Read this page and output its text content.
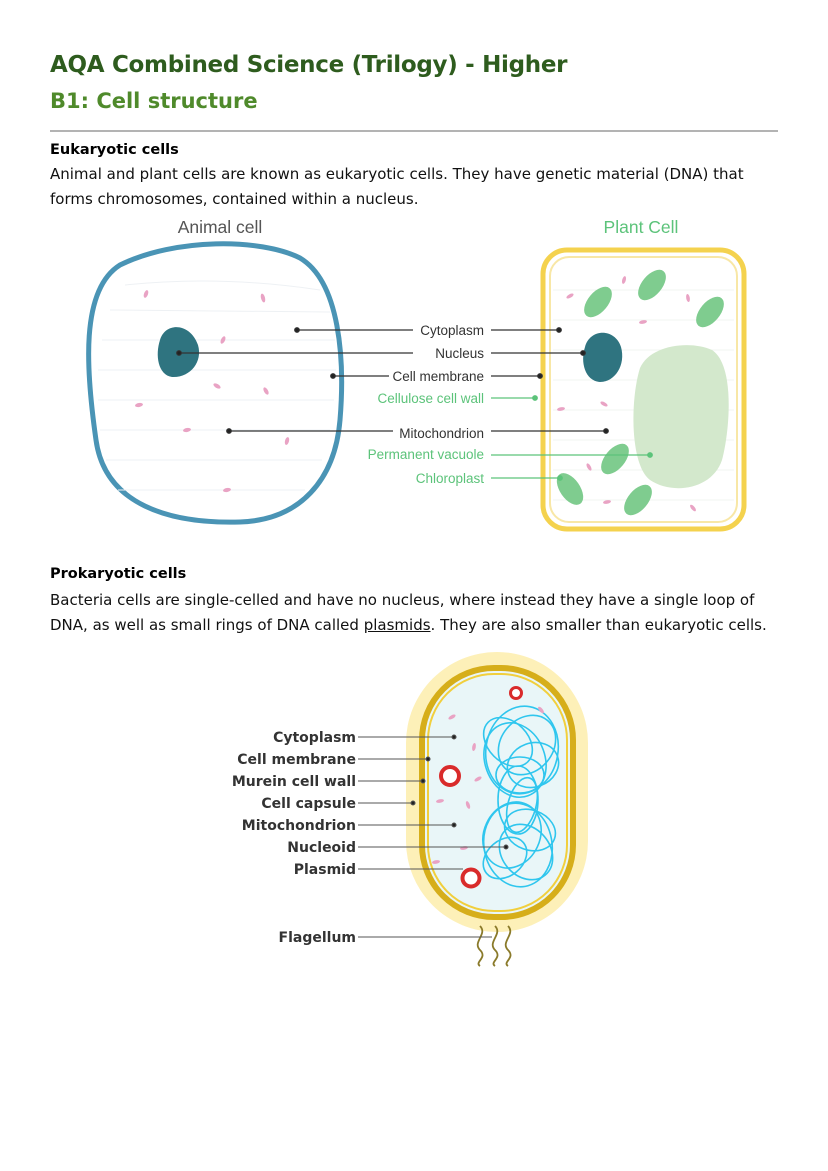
AQA Combined Science (Trilogy) - Higher
B1: Cell structure
Eukaryotic cells
Animal and plant cells are known as eukaryotic cells. They have genetic material (DNA) that forms chromosomes, contained within a nucleus.
Animal cell	Plant Cell
Cytoplasm
Nucleus
Cell membrane
Cellulose cell wall
Mitochondrion
Permanent vacuole
Chloroplast
Prokaryotic cells
Bacteria cells are single-celled and have no nucleus, where instead they have a single loop of DNA, as well as small rings of DNA called plasmids. They are also smaller than eukaryotic cells.
Cytoplasm
Cell membrane
Murein cell wall
Cell capsule
Mitochondrion
Nucleoid
Plasmid
Flagellum
